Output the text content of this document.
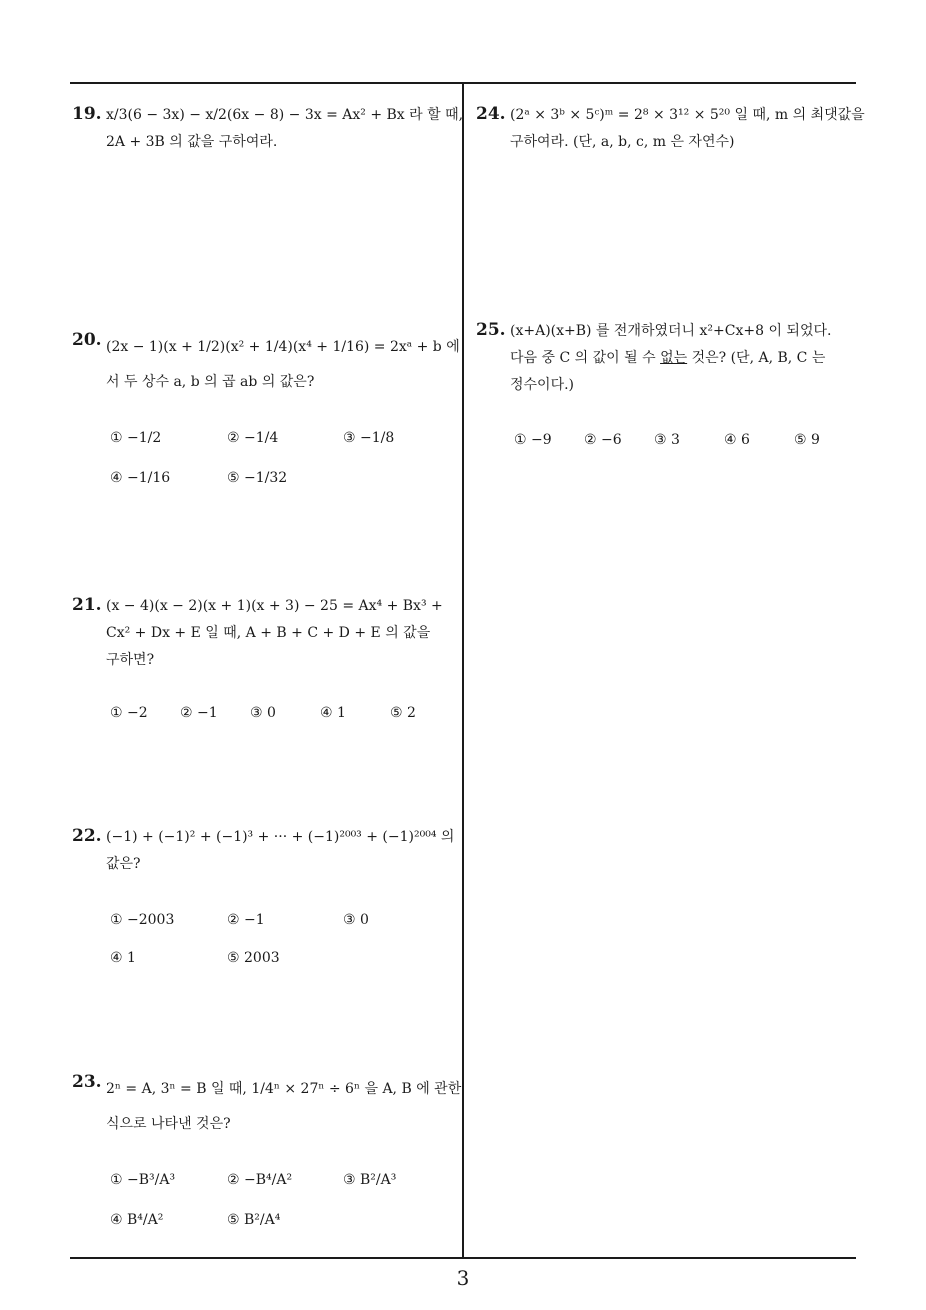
19. x/3(6 − 3x) − x/2(6x − 8) − 3x = Ax² + Bx 라 할 때,
2A + 3B 의 값을 구하여라.
20. (2x − 1)(x + 1/2)(x² + 1/4)(x⁴ + 1/16) = 2xᵃ + b 에
서 두 상수 a, b 의 곱 ab 의 값은?
① −1/2	② −1/4	③ −1/8
④ −1/16	⑤ −1/32
21. (x − 4)(x − 2)(x + 1)(x + 3) − 25 = Ax⁴ + Bx³ +
Cx² + Dx + E 일 때, A + B + C + D + E 의 값을
구하면?
① −2 ② −1 ③ 0	④ 1	⑤ 2
22. (−1) + (−1)² + (−1)³ + ··· + (−1)²⁰⁰³ + (−1)²⁰⁰⁴ 의
값은?
① −2003	② −1	③ 0
④ 1	⑤ 2003
23. 2ⁿ = A, 3ⁿ = B 일 때, 1/4ⁿ × 27ⁿ ÷ 6ⁿ 을 A, B 에 관한
식으로 나타낸 것은?
① −B³/A³	② −B⁴/A²	③ B²/A³
④ B⁴/A²	⑤ B²/A⁴
24. (2ᵃ × 3ᵇ × 5ᶜ)ᵐ = 2⁸ × 3¹² × 5²⁰ 일 때, m 의 최댓값을
구하여라. (단, a, b, c, m 은 자연수)
25. (x+A)(x+B) 를 전개하였더니 x²+Cx+8 이 되었다.
다음 중 C 의 값이 될 수 없는 것은? (단, A, B, C 는
정수이다.)
① −9 ② −6 ③ 3	④ 6	⑤ 9
3
